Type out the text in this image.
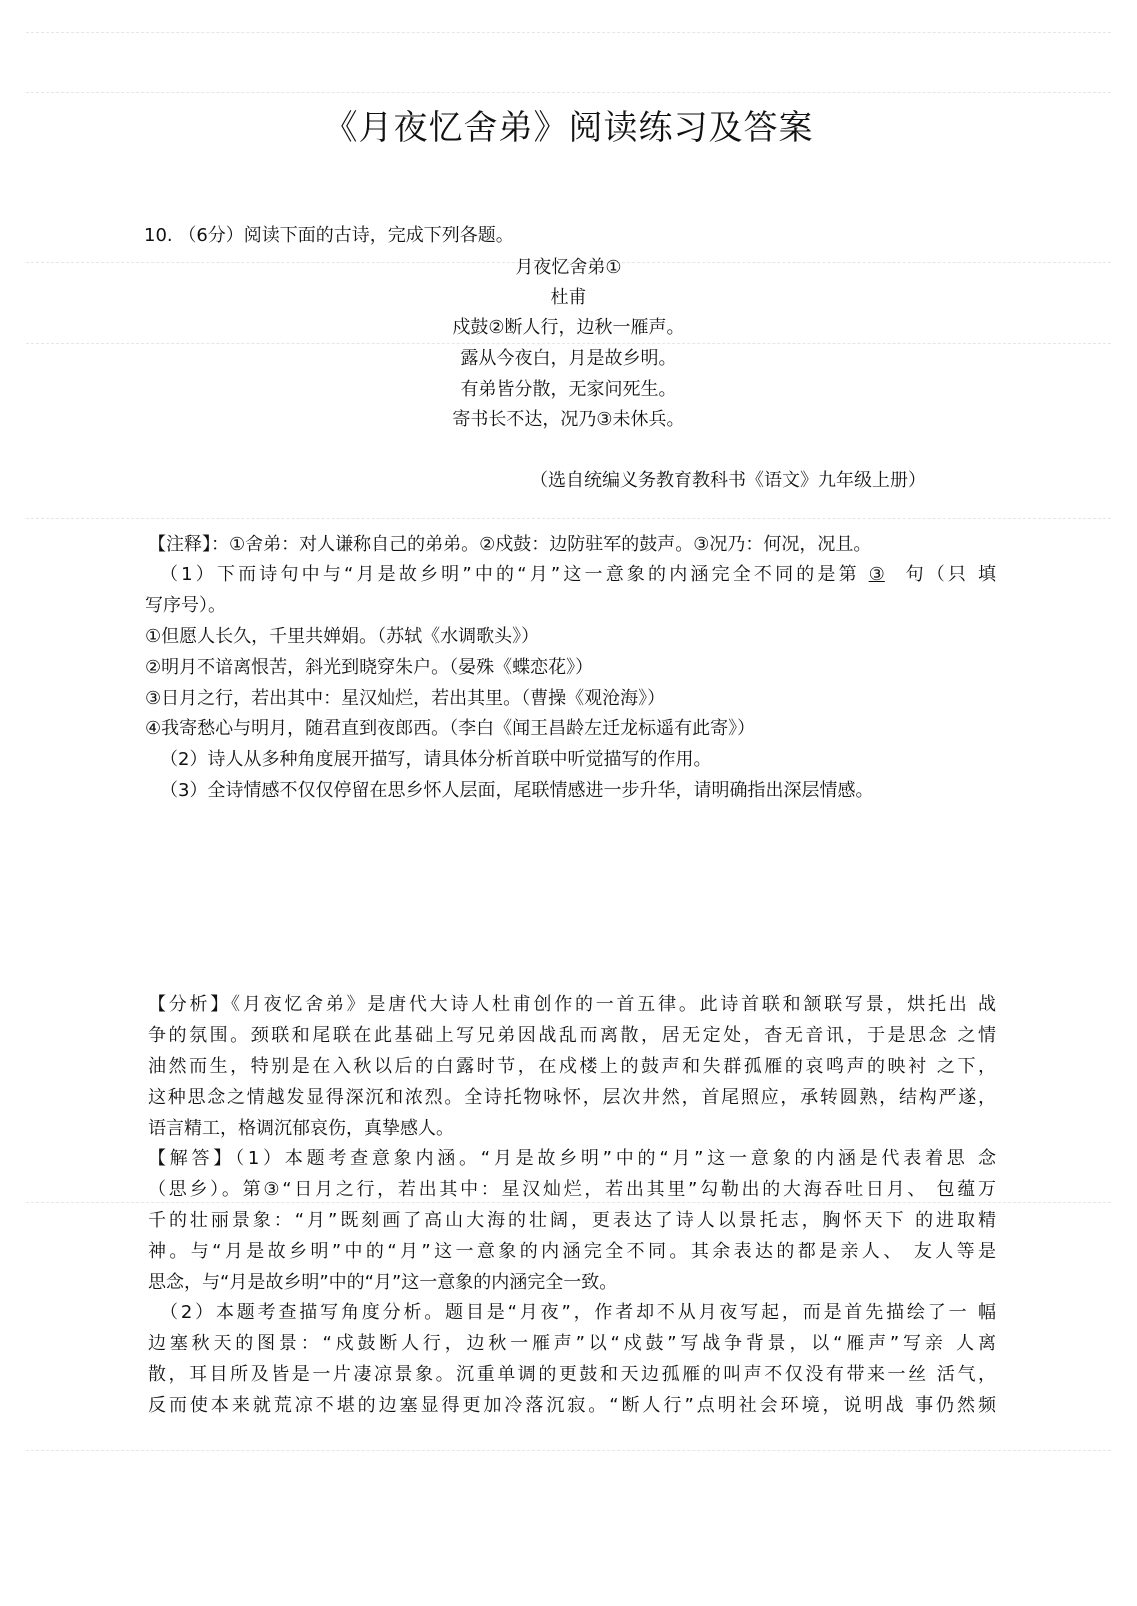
《月夜忆舍弟》阅读练习及答案
10. （6分）阅读下面的古诗，完成下列各题。
月夜忆舍弟①
杜甫
戍鼓②断人行，边秋一雁声。
露从今夜白，月是故乡明。
有弟皆分散，无家问死生。
寄书长不达，况乃③未休兵。
（选自统编义务教育教科书《语文》九年级上册）
【注释】：①舍弟：对人谦称自己的弟弟。②戍鼓：边防驻军的鼓声。③况乃：何况，况且。
（1）下而诗句中与“月是故乡明”中的“月”这一意象的内涵完全不同的是第 ③ 句（只 填
写序号）。
①但愿人长久，千里共婵娟。（苏轼《水调歌头》）
②明月不谙离恨苦，斜光到晓穿朱户。（晏殊《蝶恋花》）
③日月之行，若出其中：星汉灿烂，若出其里。（曹操《观沧海》）
④我寄愁心与明月，随君直到夜郎西。（李白《闻王昌龄左迁龙标遥有此寄》）
（2）诗人从多种角度展开描写，请具体分析首联中听觉描写的作用。
（3）全诗情感不仅仅停留在思乡怀人层面，尾联情感进一步升华，请明确指出深层情感。
【分析】《月夜忆舍弟》是唐代大诗人杜甫创作的一首五律。此诗首联和颔联写景，烘托出 战
争的氛围。颈联和尾联在此基础上写兄弟因战乱而离散，居无定处，杳无音讯，于是思念 之情
油然而生，特别是在入秋以后的白露时节，在戍楼上的鼓声和失群孤雁的哀鸣声的映衬 之下，
这种思念之情越发显得深沉和浓烈。全诗托物咏怀，层次井然，首尾照应，承转圆熟，结构严遂，
语言精工，格调沉郁哀伤，真挚感人。
【解答】（1）本题考查意象内涵。“月是故乡明”中的“月”这一意象的内涵是代表着思 念
（思乡）。第③“日月之行，若出其中：星汉灿烂，若出其里”勾勒出的大海吞吐日月、 包蕴万
千的壮丽景象：“月”既刻画了高山大海的壮阔，更表达了诗人以景托志，胸怀天下 的进取精
神。与“月是故乡明”中的“月”这一意象的内涵完全不同。其余表达的都是亲人、 友人等是
思念，与“月是故乡明”中的“月”这一意象的内涵完全一致。
（2）本题考查描写角度分析。题目是“月夜”，作者却不从月夜写起，而是首先描绘了一 幅
边塞秋天的图景：“戍鼓断人行，边秋一雁声”以“戍鼓”写战争背景，以“雁声”写亲 人离
散，耳目所及皆是一片凄凉景象。沉重单调的更鼓和天边孤雁的叫声不仅没有带来一丝 活气，
反而使本来就荒凉不堪的边塞显得更加冷落沉寂。“断人行”点明社会环境，说明战 事仍然频
